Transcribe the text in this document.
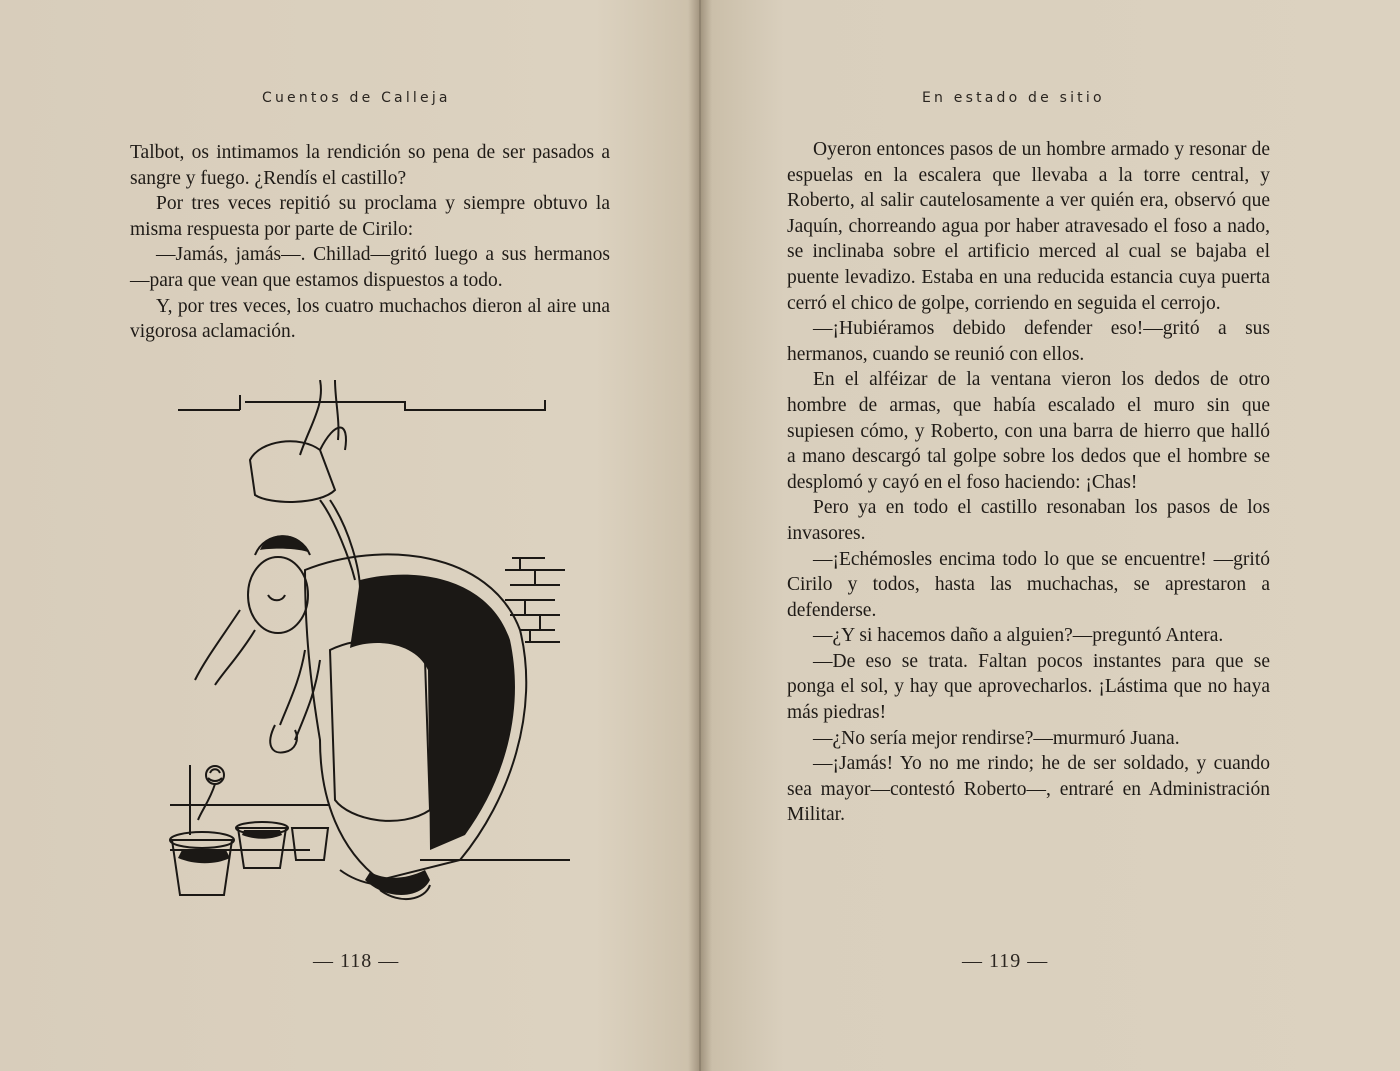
Cuentos de Calleja

Talbot, os intimamos la rendición so pena de ser pasados a sangre y fuego. ¿Rendís el castillo?

Por tres veces repitió su proclama y siempre obtuvo la misma respuesta por parte de Cirilo:

—Jamás, jamás—. Chillad—gritó luego a sus hermanos—para que vean que estamos dispuestos a todo.

Y, por tres veces, los cuatro muchachos dieron al aire una vigorosa aclamación.

— 118 —
En estado de sitio

Oyeron entonces pasos de un hombre armado y resonar de espuelas en la escalera que llevaba a la torre central, y Roberto, al salir cautelosamente a ver quién era, observó que Jaquín, chorreando agua por haber atravesado el foso a nado, se inclinaba sobre el artificio merced al cual se bajaba el puente levadizo. Estaba en una reducida estancia cuya puerta cerró el chico de golpe, corriendo en seguida el cerrojo.

—¡Hubiéramos debido defender eso!—gritó a sus hermanos, cuando se reunió con ellos.

En el alféizar de la ventana vieron los dedos de otro hombre de armas, que había escalado el muro sin que supiesen cómo, y Roberto, con una barra de hierro que halló a mano descargó tal golpe sobre los dedos que el hombre se desplomó y cayó en el foso haciendo: ¡Chas!

Pero ya en todo el castillo resonaban los pasos de los invasores.

—¡Echémosles encima todo lo que se encuentre! —gritó Cirilo y todos, hasta las muchachas, se aprestaron a defenderse.

—¿Y si hacemos daño a alguien?—preguntó Antera.

—De eso se trata. Faltan pocos instantes para que se ponga el sol, y hay que aprovecharlos. ¡Lástima que no haya más piedras!

—¿No sería mejor rendirse?—murmuró Juana.

—¡Jamás! Yo no me rindo; he de ser soldado, y cuando sea mayor—contestó Roberto—, entraré en Administración Militar.

— 119 —
